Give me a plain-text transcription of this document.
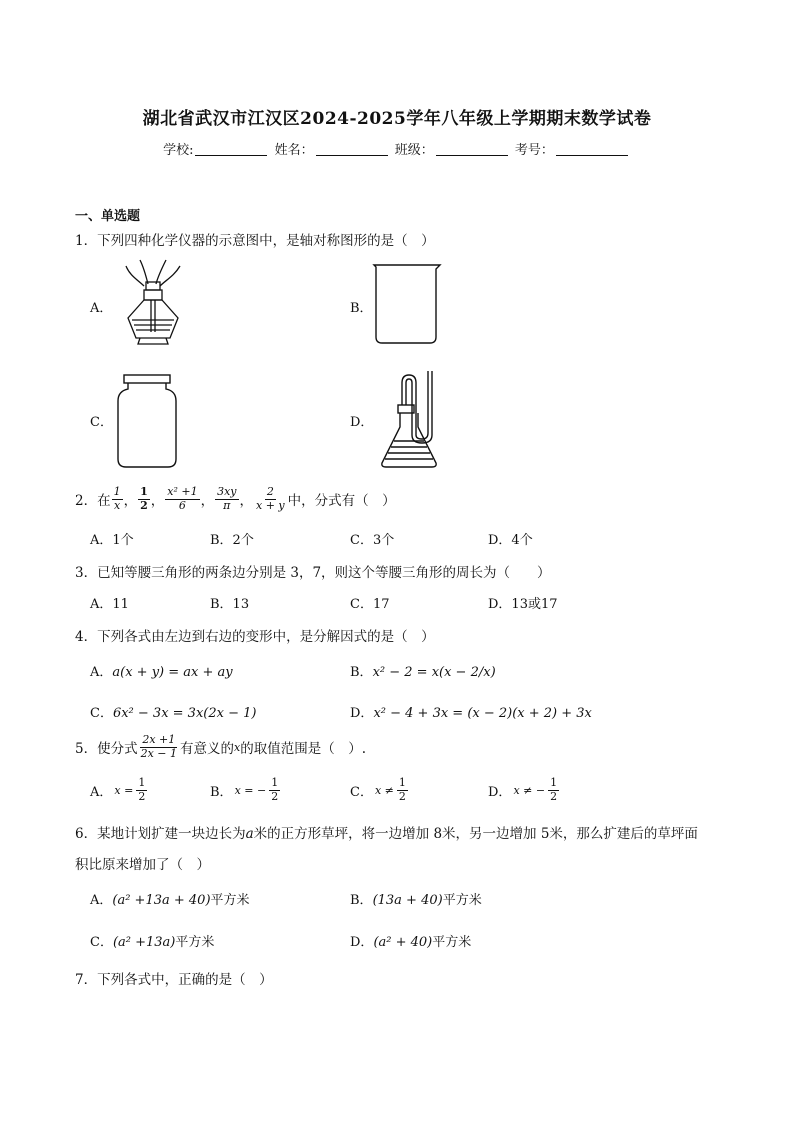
湖北省武汉市江汉区2024-2025学年八年级上学期期末数学试卷
学校:	姓名：	班级：	考号：
一、单选题
1．下列四种化学仪器的示意图中，是轴对称图形的是（　）
A．	B．
C．	D．
2．在 $\frac{1}{x}$ ， $\frac{1}{2}$ ， $\frac{\text{x² +1}}{6}$ ， $\frac{3xy}{\pi}$ ， $\frac{2}{x + y}$ 中，分式有（　）
A．1个	B．2个	C．3个	D．4个
3．已知等腰三角形的两条边分别是 3，7，则这个等腰三角形的周长为（　　）
A．11	B．13	C．17	D．13或17
4．下列各式由左边到右边的变形中，是分解因式的是（　）
A．a(x + y) = ax + ay	B．x² − 2 = x(x − 2/x)
C．6x² − 3x = 3x(2x − 1)	D．x² − 4 + 3x = (x − 2)(x + 2) + 3x
5．使分式 $\frac{2x +1}{2x - 1}$ 有意义的 x 的取值范围是（　）.
A． $x = \frac{1}{2}$	B． x = − $\frac{1}{2}$	C． $x \ne \frac{1}{2}$	D． x ≠ − $\frac{1}{2}$
6．某地计划扩建一块边长为a米的正方形草坪，将一边增加 8米，另一边增加 5米，那么扩建后的草坪面
积比原来增加了（　）
A．(a² +13a + 40)平方米	B．(13a + 40)平方米
C．(a² +13a)平方米	D．(a² + 40)平方米
7．下列各式中，正确的是（　）
